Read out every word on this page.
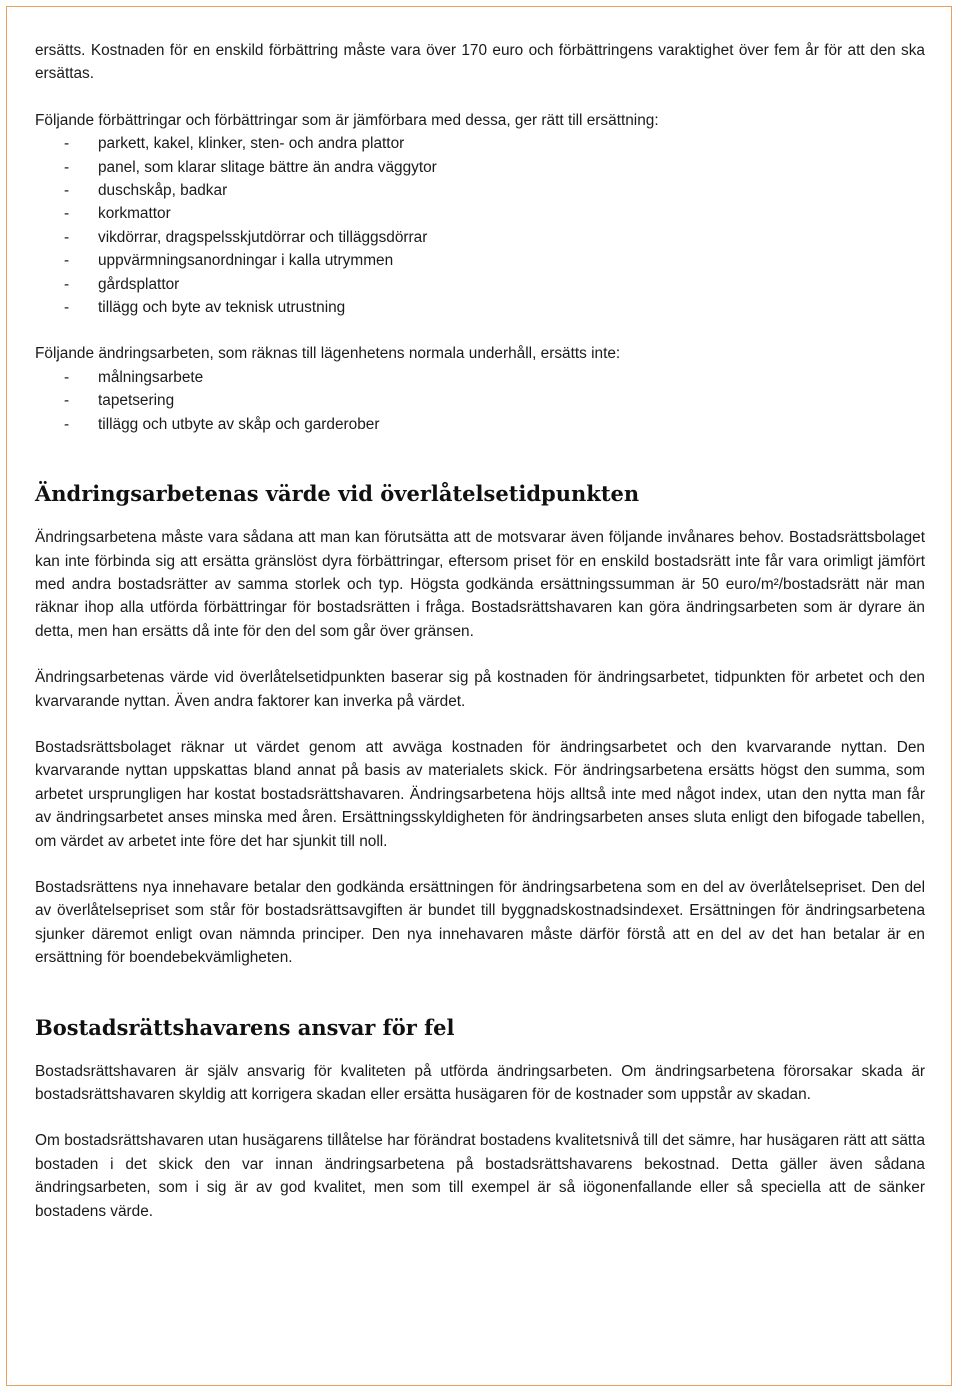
ersätts. Kostnaden för en enskild förbättring måste vara över 170 euro och förbättringens varaktighet över fem år för att den ska ersättas.

Följande förbättringar och förbättringar som är jämförbara med dessa, ger rätt till ersättning:

- parkett, kakel, klinker, sten- och andra plattor
- panel, som klarar slitage bättre än andra väggytor
- duschskåp, badkar
- korkmattor
- vikdörrar, dragspelsskjutdörrar och tilläggsdörrar
- uppvärmningsanordningar i kalla utrymmen
- gårdsplattor
- tillägg och byte av teknisk utrustning

Följande ändringsarbeten, som räknas till lägenhetens normala underhåll, ersätts inte:

- målningsarbete
- tapetsering
- tillägg och utbyte av skåp och garderober
Ändringsarbetenas värde vid överlåtelsetidpunkten

Ändringsarbetena måste vara sådana att man kan förutsätta att de motsvarar även följande invånares behov. Bostadsrättsbolaget kan inte förbinda sig att ersätta gränslöst dyra förbättringar, eftersom priset för en enskild bostadsrätt inte får vara orimligt jämfört med andra bostadsrätter av samma storlek och typ. Högsta godkända ersättningssumman är 50 euro/m²/bostadsrätt när man räknar ihop alla utförda förbättringar för bostadsrätten i fråga. Bostadsrättshavaren kan göra ändringsarbeten som är dyrare än detta, men han ersätts då inte för den del som går över gränsen.

Ändringsarbetenas värde vid överlåtelsetidpunkten baserar sig på kostnaden för ändringsarbetet, tidpunkten för arbetet och den kvarvarande nyttan. Även andra faktorer kan inverka på värdet.

Bostadsrättsbolaget räknar ut värdet genom att avväga kostnaden för ändringsarbetet och den kvarvarande nyttan. Den kvarvarande nyttan uppskattas bland annat på basis av materialets skick. För ändringsarbetena ersätts högst den summa, som arbetet ursprungligen har kostat bostadsrättshavaren. Ändringsarbetena höjs alltså inte med något index, utan den nytta man får av ändringsarbetet anses minska med åren. Ersättningsskyldigheten för ändringsarbeten anses sluta enligt den bifogade tabellen, om värdet av arbetet inte före det har sjunkit till noll.

Bostadsrättens nya innehavare betalar den godkända ersättningen för ändringsarbetena som en del av överlåtelsepriset. Den del av överlåtelsepriset som står för bostadsrättsavgiften är bundet till byggnadskostnadsindexet. Ersättningen för ändringsarbetena sjunker däremot enligt ovan nämnda principer. Den nya innehavaren måste därför förstå att en del av det han betalar är en ersättning för boendebekvämligheten.

Bostadsrättshavarens ansvar för fel

Bostadsrättshavaren är själv ansvarig för kvaliteten på utförda ändringsarbeten. Om ändringsarbetena förorsakar skada är bostadsrättshavaren skyldig att korrigera skadan eller ersätta husägaren för de kostnader som uppstår av skadan.

Om bostadsrättshavaren utan husägarens tillåtelse har förändrat bostadens kvalitetsnivå till det sämre, har husägaren rätt att sätta bostaden i det skick den var innan ändringsarbetena på bostadsrättshavarens bekostnad. Detta gäller även sådana ändringsarbeten, som i sig är av god kvalitet, men som till exempel är så iögonenfallande eller så speciella att de sänker bostadens värde.
